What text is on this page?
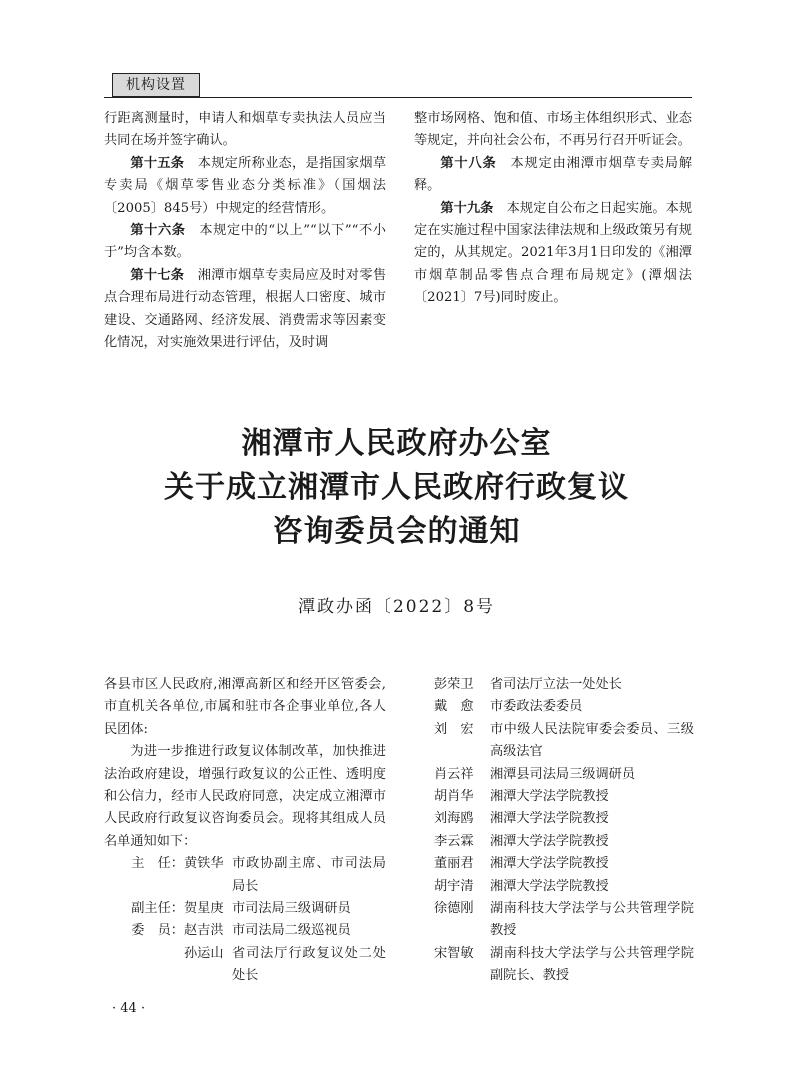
机构设置

行距离测量时，申请人和烟草专卖执法人员应当共同在场并签字确认。

第十五条　 本规定所称业态，是指国家烟草专卖局《烟草零售业态分类标准》（国烟法〔2005〕845号）中规定的经营情形。

第十六条　 本规定中的“以上”“以下”“不小于”均含本数。

第十七条　 湘潭市烟草专卖局应及时对零售点合理布局进行动态管理，根据人口密度、城市建设、交通路网、经济发展、消费需求等因素变化情况，对实施效果进行评估，及时调

整市场网格、饱和值、市场主体组织形式、业态等规定，并向社会公布，不再另行召开听证会。

第十八条　 本规定由湘潭市烟草专卖局解释。

第十九条　 本规定自公布之日起实施。本规定在实施过程中国家法律法规和上级政策另有规定的，从其规定。2021年3月1日印发的《湘潭市烟草制品零售点合理布局规定》(潭烟法〔2021〕7号)同时废止。

湘潭市人民政府办公室
关于成立湘潭市人民政府行政复议
咨询委员会的通知
潭政办函〔2022〕8号

各县市区人民政府,湘潭高新区和经开区管委会,市直机关各单位,市属和驻市各企事业单位,各人民团体:

为进一步推进行政复议体制改革，加快推进法治政府建设，增强行政复议的公正性、透明度和公信力，经市人民政府同意，决定成立湘潭市人民政府行政复议咨询委员会。现将其组成人员名单通知如下：

主　任： 黄铁华 市政协副主席、市司法局局长
副主任： 贺星庚 市司法局三级调研员
委　员： 赵吉洪 市司法局二级巡视员
孙运山 省司法厅行政复议处二处处长
彭荣卫	省司法厅立法一处处长
戴　愈	市委政法委委员
刘　宏	市中级人民法院审委会委员、三级高级法官
肖云祥	湘潭县司法局三级调研员
胡肖华	湘潭大学法学院教授
刘海鸥	湘潭大学法学院教授
李云霖	湘潭大学法学院教授
董丽君	湘潭大学法学院教授
胡宇清	湘潭大学法学院教授
徐德刚	湖南科技大学法学与公共管理学院教授
宋智敏	湖南科技大学法学与公共管理学院副院长、教授
· 44 ·
